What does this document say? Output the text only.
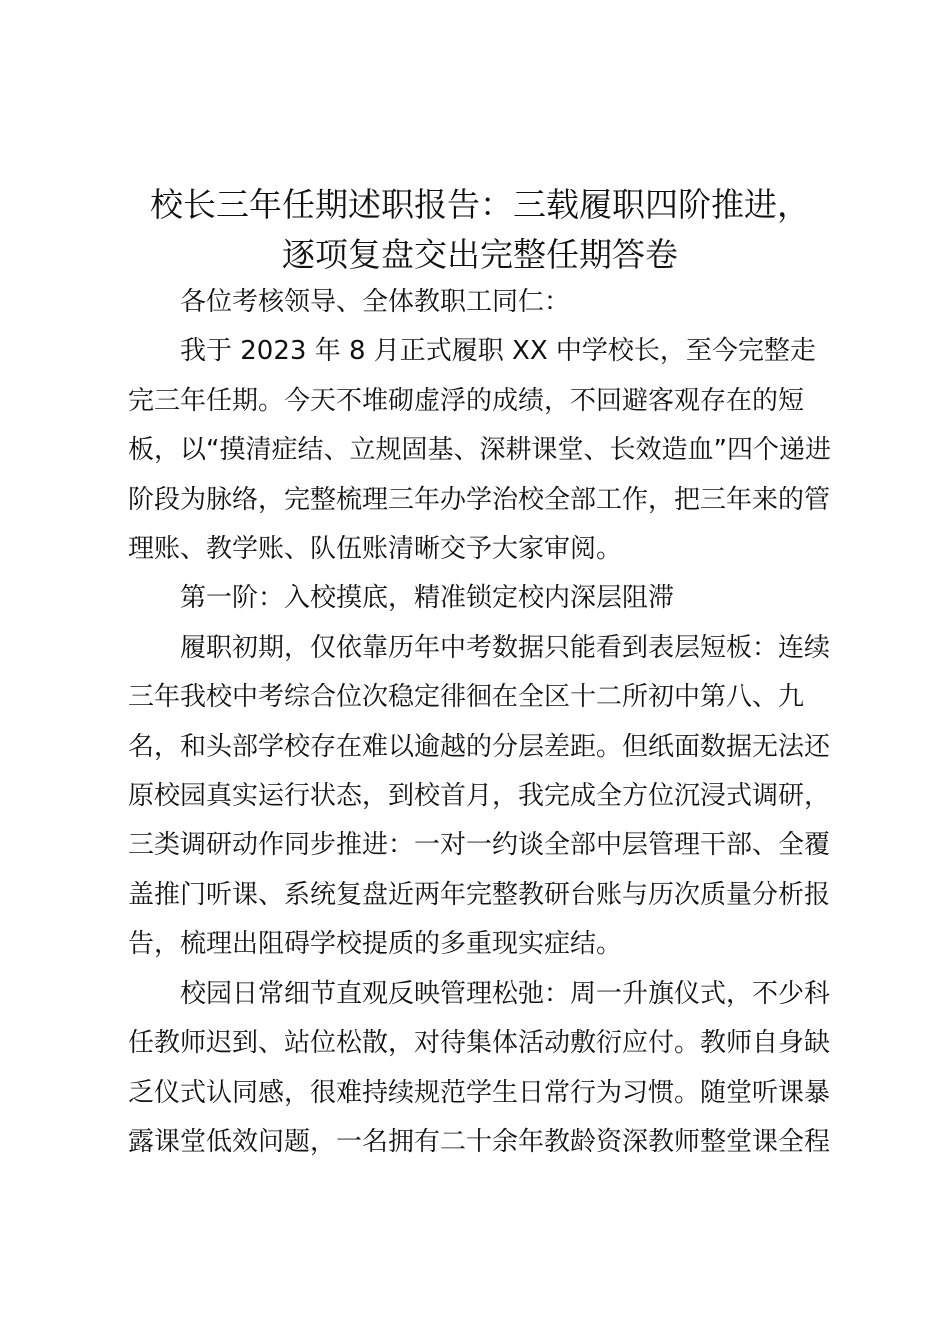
校长三年任期述职报告：三载履职四阶推进，
逐项复盘交出完整任期答卷

各位考核领导、全体教职工同仁：

我于 2023 年 8 月正式履职 XX 中学校长，至今完整走完三年任期。今天不堆砌虚浮的成绩，不回避客观存在的短板，以“摸清症结、立规固基、深耕课堂、长效造血”四个递进阶段为脉络，完整梳理三年办学治校全部工作，把三年来的管理账、教学账、队伍账清晰交予大家审阅。

第一阶：入校摸底，精准锁定校内深层阻滞

履职初期，仅依靠历年中考数据只能看到表层短板：连续三年我校中考综合位次稳定徘徊在全区十二所初中第八、九名，和头部学校存在难以逾越的分层差距。但纸面数据无法还原校园真实运行状态，到校首月，我完成全方位沉浸式调研，三类调研动作同步推进：一对一约谈全部中层管理干部、全覆盖推门听课、系统复盘近两年完整教研台账与历次质量分析报告，梳理出阻碍学校提质的多重现实症结。

校园日常细节直观反映管理松弛：周一升旗仪式，不少科任教师迟到、站位松散，对待集体活动敷衍应付。教师自身缺乏仪式认同感，很难持续规范学生日常行为习惯。随堂听课暴露课堂低效问题，一名拥有二十余年教龄资深教师整堂课全程
